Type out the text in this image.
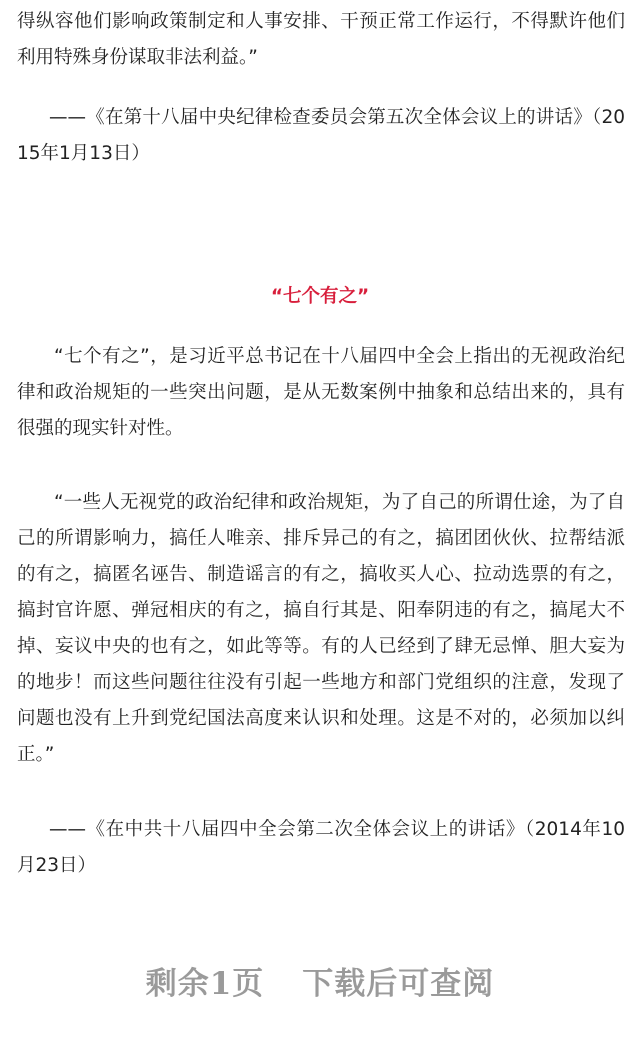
得纵容他们影响政策制定和人事安排、干预正常工作运行，不得默许他们利用特殊身份谋取非法利益。”

——《在第十八届中央纪律检查委员会第五次全体会议上的讲话》（2015年1月13日）

“七个有之”

“七个有之”，是习近平总书记在十八届四中全会上指出的无视政治纪律和政治规矩的一些突出问题，是从无数案例中抽象和总结出来的，具有很强的现实针对性。

“一些人无视党的政治纪律和政治规矩，为了自己的所谓仕途，为了自己的所谓影响力，搞任人唯亲、排斥异己的有之，搞团团伙伙、拉帮结派的有之，搞匿名诬告、制造谣言的有之，搞收买人心、拉动选票的有之，搞封官许愿、弹冠相庆的有之，搞自行其是、阳奉阴违的有之，搞尾大不掉、妄议中央的也有之，如此等等。有的人已经到了肆无忌惮、胆大妄为的地步！而这些问题往往没有引起一些地方和部门党组织的注意，发现了问题也没有上升到党纪国法高度来认识和处理。这是不对的，必须加以纠正。”

——《在中共十八届四中全会第二次全体会议上的讲话》（2014年10月23日）

剩余1页 下载后可查阅
